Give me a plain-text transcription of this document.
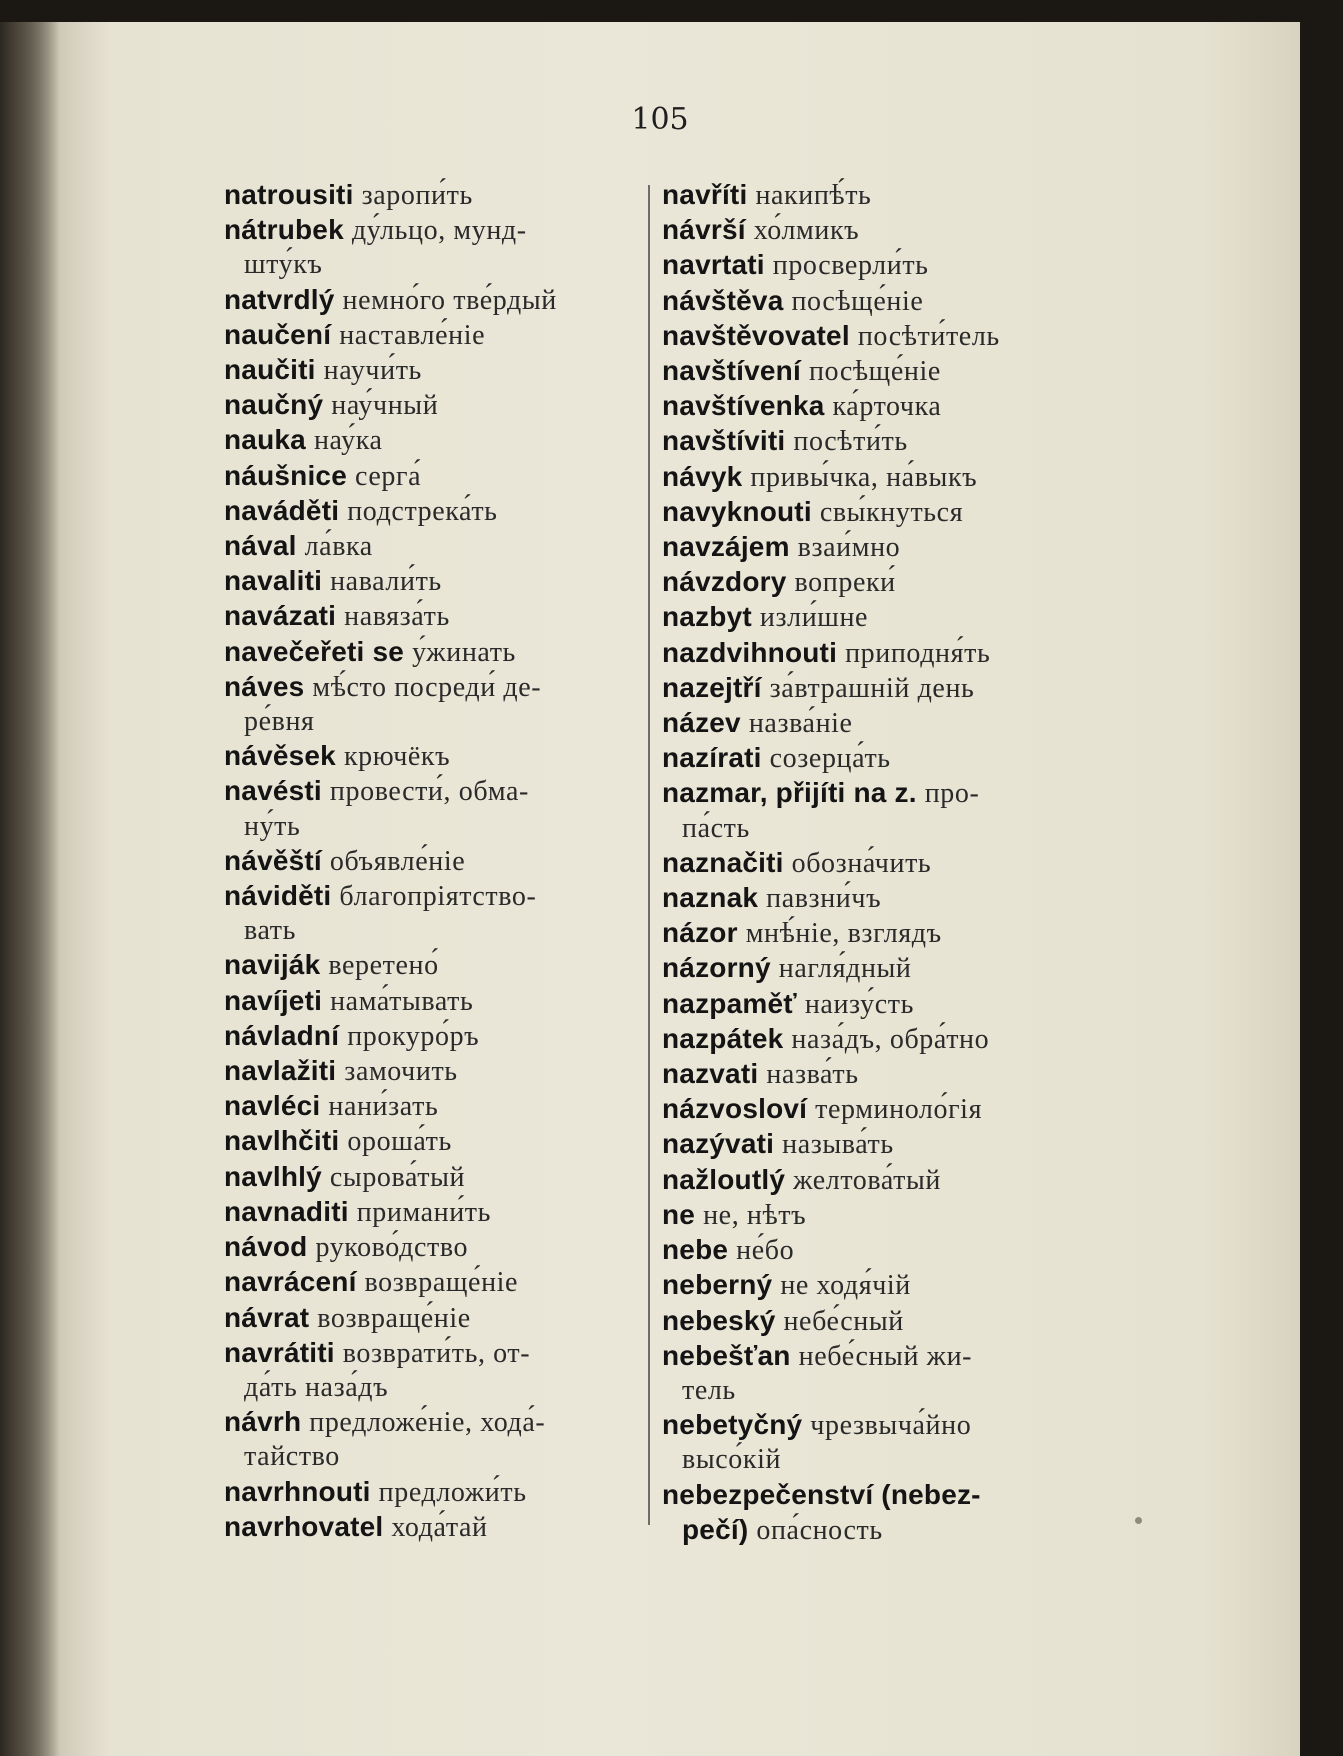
105
natrousiti заропи́ть
nátrubek ду́льцо, мунд-
шту́къ
natvrdlý немно́го тве́рдый
naučení наставле́ніе
naučiti научи́ть
naučný нау́чный
nauka нау́ка
náušnice серга́
naváděti подстрека́ть
nával ла́вка
navaliti навали́ть
navázati навяза́ть
navečeřeti se у́жинать
náves мѣ́сто посреди́ де-
ре́вня
návěsek крючёкъ
navésti провести́, обма-
ну́ть
návěští объявле́ніе
náviděti благопріятство-
вать
naviják веретено́
navíjeti нама́тывать
návladní прокуро́ръ
navlažiti замочить
navléci нани́зать
navlhčiti ороша́ть
navlhlý сырова́тый
navnaditi примани́ть
návod руково́дство
navrácení возвраще́ніе
návrat возвраще́ніе
navrátiti возврати́ть, от-
да́ть наза́дъ
návrh предложе́ніе, хода́-
тайство
navrhnouti предложи́ть
navrhovatel хода́тай
navříti накипѣ́ть
návrší хо́лмикъ
navrtati просверли́ть
návštěva посѣще́ніе
navštěvovatel посѣти́тель
navštívení посѣще́ніе
navštívenka ка́рточка
navštíviti посѣти́ть
návyk привы́чка, на́выкъ
navyknouti свы́кнуться
navzájem взаи́мно
návzdory вопреки́
nazbyt изли́шне
nazdvihnouti приподня́ть
nazejtří за́втрашній день
název назва́ніе
nazírati созерца́ть
nazmar, přijíti na z. про-
па́сть
naznačiti обозна́чить
naznak павзни́чъ
názor мнѣ́ніе, взглядъ
názorný нагля́дный
nazpaměť наизу́сть
nazpátek наза́дъ, обра́тно
nazvati назва́ть
názvosloví терминоло́гія
nazývati называ́ть
nažloutlý желтова́тый
ne не, нѣтъ
nebe не́бо
neberný не ходя́чій
nebeský небе́сный
nebešťan небе́сный жи-
тель
nebetyčný чрезвыча́йно
высо́кій
nebezpečenství (nebez-
pečí) опа́сность
